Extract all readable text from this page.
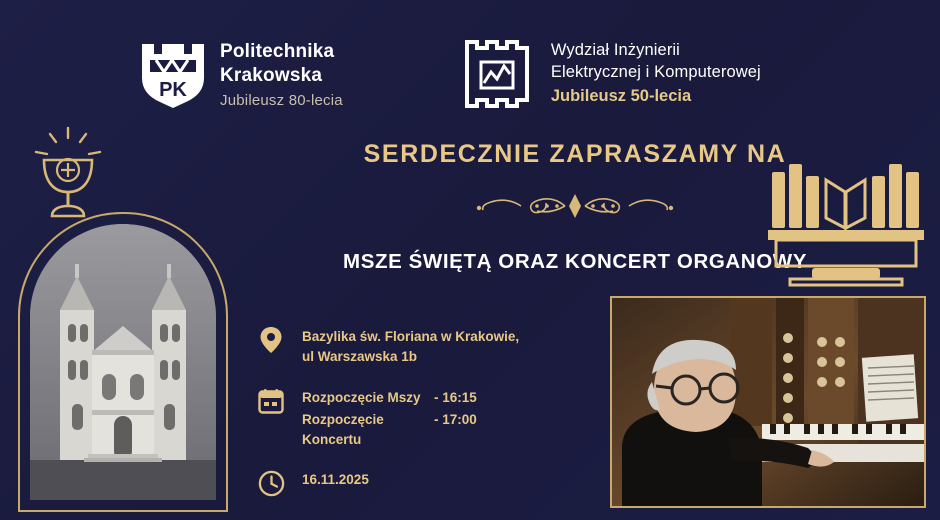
PK
Politechnika
Krakowska
Jubileusz 80-lecia
Wydział Inżynierii
Elektrycznej i Komputerowej
Jubileusz 50-lecia
SERDECZNIE ZAPRASZAMY NA
MSZE ŚWIĘTĄ ORAZ KONCERT ORGANOWY
Bazylika św. Floriana w Krakowie,
ul Warszawska 1b
Rozpoczęcie Mszy - 16:15
Rozpoczęcie Koncertu
- 17:00
16.11.2025
